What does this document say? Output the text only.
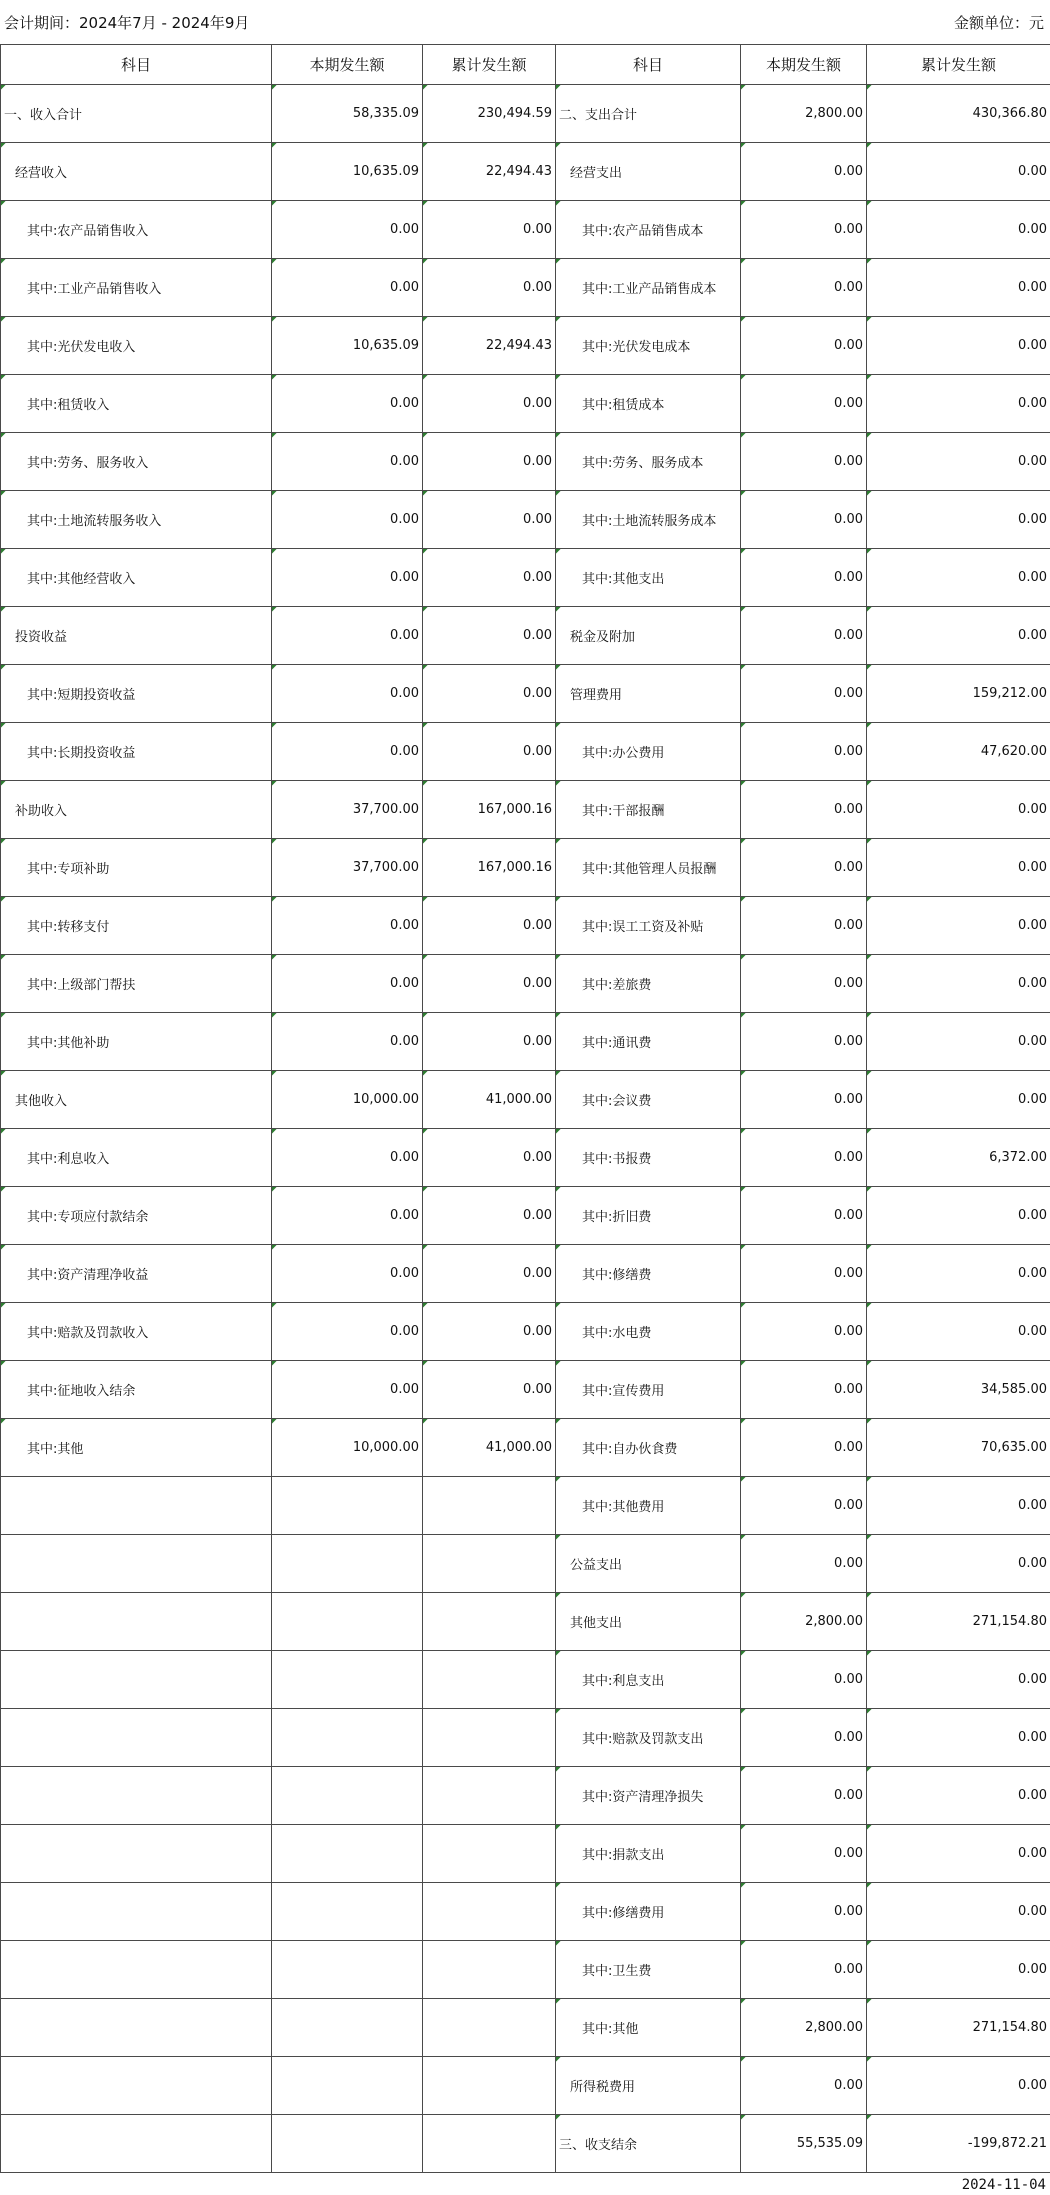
会计期间：2024年7月 - 2024年9月	金额单位：元
科目	本期发生额	累计发生额	科目	本期发生额	累计发生额
一、收入合计	58,335.09	230,494.59	二、支出合计	2,800.00	430,366.80
经营收入	10,635.09	22,494.43	经营支出	0.00	0.00
其中:农产品销售收入	0.00	0.00	其中:农产品销售成本	0.00	0.00
其中:工业产品销售收入	0.00	0.00	其中:工业产品销售成本	0.00	0.00
其中:光伏发电收入	10,635.09	22,494.43	其中:光伏发电成本	0.00	0.00
其中:租赁收入	0.00	0.00	其中:租赁成本	0.00	0.00
其中:劳务、服务收入	0.00	0.00	其中:劳务、服务成本	0.00	0.00
其中:土地流转服务收入	0.00	0.00	其中:土地流转服务成本	0.00	0.00
其中:其他经营收入	0.00	0.00	其中:其他支出	0.00	0.00
投资收益	0.00	0.00	税金及附加	0.00	0.00
其中:短期投资收益	0.00	0.00	管理费用	0.00	159,212.00
其中:长期投资收益	0.00	0.00	其中:办公费用	0.00	47,620.00
补助收入	37,700.00	167,000.16	其中:干部报酬	0.00	0.00
其中:专项补助	37,700.00	167,000.16	其中:其他管理人员报酬	0.00	0.00
其中:转移支付	0.00	0.00	其中:误工工资及补贴	0.00	0.00
其中:上级部门帮扶	0.00	0.00	其中:差旅费	0.00	0.00
其中:其他补助	0.00	0.00	其中:通讯费	0.00	0.00
其他收入	10,000.00	41,000.00	其中:会议费	0.00	0.00
其中:利息收入	0.00	0.00	其中:书报费	0.00	6,372.00
其中:专项应付款结余	0.00	0.00	其中:折旧费	0.00	0.00
其中:资产清理净收益	0.00	0.00	其中:修缮费	0.00	0.00
其中:赔款及罚款收入	0.00	0.00	其中:水电费	0.00	0.00
其中:征地收入结余	0.00	0.00	其中:宣传费用	0.00	34,585.00
其中:其他	10,000.00	41,000.00	其中:自办伙食费	0.00	70,635.00
			其中:其他费用	0.00	0.00
			公益支出	0.00	0.00
			其他支出	2,800.00	271,154.80
			其中:利息支出	0.00	0.00
			其中:赔款及罚款支出	0.00	0.00
			其中:资产清理净损失	0.00	0.00
			其中:捐款支出	0.00	0.00
			其中:修缮费用	0.00	0.00
			其中:卫生费	0.00	0.00
			其中:其他	2,800.00	271,154.80
			所得税费用	0.00	0.00
			三、收支结余	55,535.09	-199,872.21
2024-11-04
